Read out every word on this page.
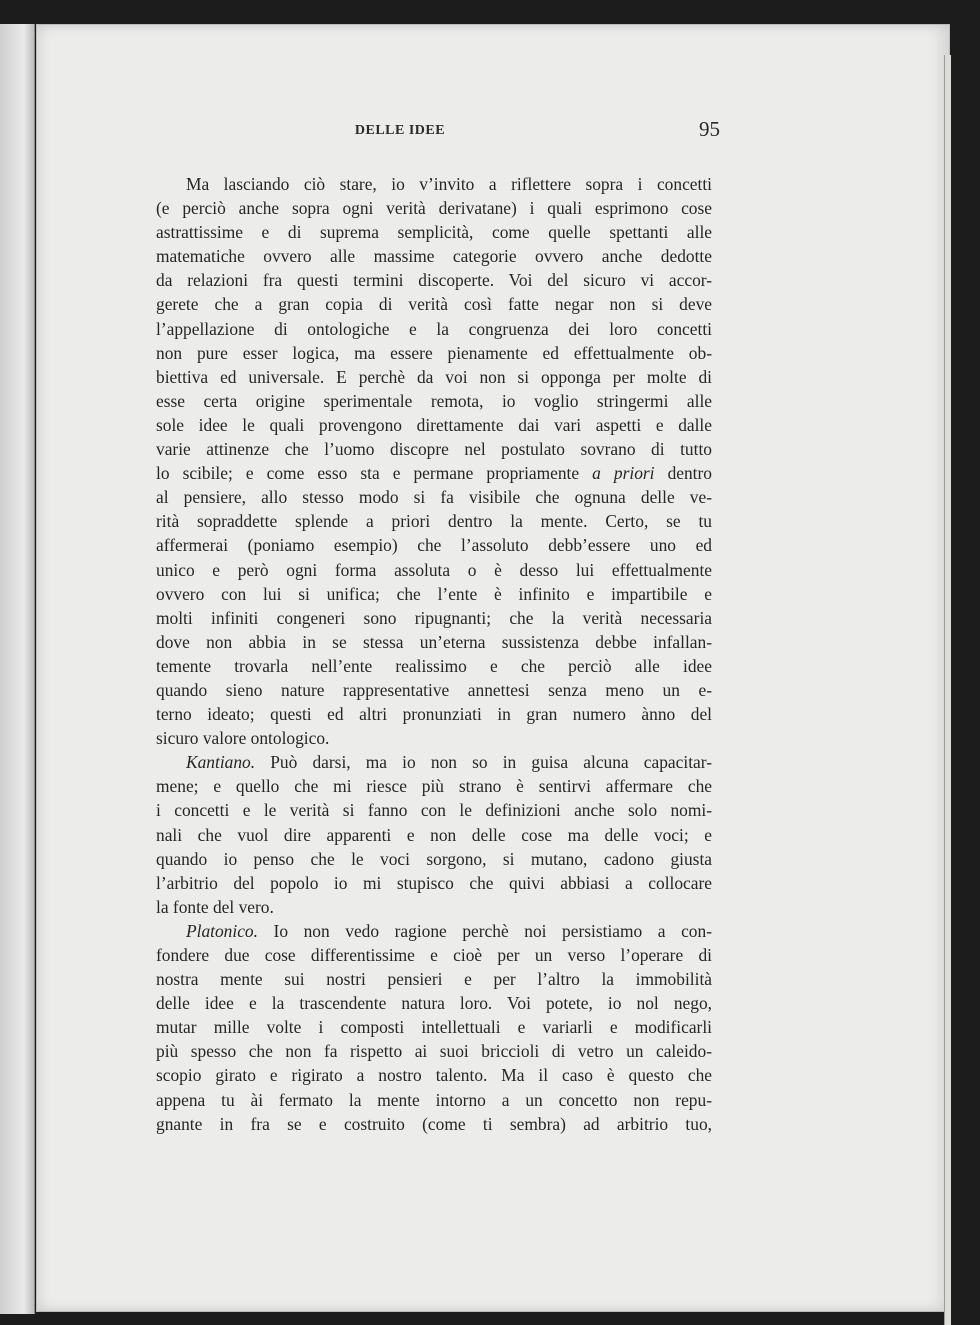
DELLE IDEE	95
Ma lasciando ciò stare, io v’invito a riflettere sopra i concetti
(e perciò anche sopra ogni verità derivatane) i quali esprimono cose
astrattissime e di suprema semplicità, come quelle spettanti alle
matematiche ovvero alle massime categorie ovvero anche dedotte
da relazioni fra questi termini discoperte. Voi del sicuro vi accor-
gerete che a gran copia di verità così fatte negar non si deve
l’appellazione di ontologiche e la congruenza dei loro concetti
non pure esser logica, ma essere pienamente ed effettualmente ob-
biettiva ed universale. E perchè da voi non si opponga per molte di
esse certa origine sperimentale remota, io voglio stringermi alle
sole idee le quali provengono direttamente dai vari aspetti e dalle
varie attinenze che l’uomo discopre nel postulato sovrano di tutto
lo scibile; e come esso sta e permane propriamente a priori dentro
al pensiere, allo stesso modo si fa visibile che ognuna delle ve-
rità sopraddette splende a priori dentro la mente. Certo, se tu
affermerai (poniamo esempio) che l’assoluto debb’essere uno ed
unico e però ogni forma assoluta o è desso lui effettualmente
ovvero con lui si unifica; che l’ente è infinito e impartibile e
molti infiniti congeneri sono ripugnanti; che la verità necessaria
dove non abbia in se stessa un’eterna sussistenza debbe infallan-
temente trovarla nell’ente realissimo e che perciò alle idee
quando sieno nature rappresentative annettesi senza meno un e-
terno ideato; questi ed altri pronunziati in gran numero ànno del
sicuro valore ontologico.
Kantiano. Può darsi, ma io non so in guisa alcuna capacitar-
mene; e quello che mi riesce più strano è sentirvi affermare che
i concetti e le verità si fanno con le definizioni anche solo nomi-
nali che vuol dire apparenti e non delle cose ma delle voci; e
quando io penso che le voci sorgono, si mutano, cadono giusta
l’arbitrio del popolo io mi stupisco che quivi abbiasi a collocare
la fonte del vero.
Platonico. Io non vedo ragione perchè noi persistiamo a con-
fondere due cose differentissime e cioè per un verso l’operare di
nostra mente sui nostri pensieri e per l’altro la immobilità
delle idee e la trascendente natura loro. Voi potete, io nol nego,
mutar mille volte i composti intellettuali e variarli e modificarli
più spesso che non fa rispetto ai suoi briccioli di vetro un caleido-
scopio girato e rigirato a nostro talento. Ma il caso è questo che
appena tu ài fermato la mente intorno a un concetto non repu-
gnante in fra se e costruito (come ti sembra) ad arbitrio tuo,
